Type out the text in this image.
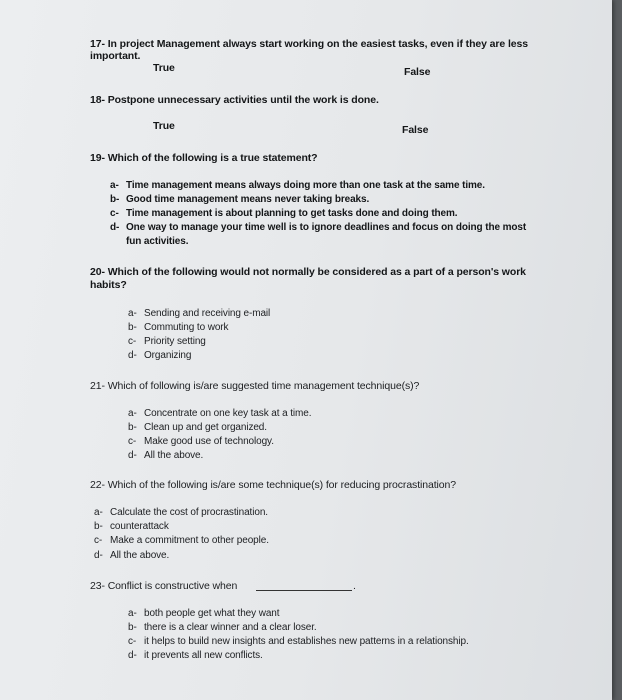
17- In project Management always start working on the easiest tasks, even if they are less
important.
True	False
18- Postpone unnecessary activities until the work is done.
True	False
19- Which of the following is a true statement?
a- Time management means always doing more than one task at the same time.
b- Good time management means never taking breaks.
c- Time management is about planning to get tasks done and doing them.
d- One way to manage your time well is to ignore deadlines and focus on doing the most
fun activities.
20- Which of the following would not normally be considered as a part of a person's work
habits?
a- Sending and receiving e-mail
b- Commuting to work
c- Priority setting
d- Organizing
21- Which of following is/are suggested time management technique(s)?
a- Concentrate on one key task at a time.
b- Clean up and get organized.
c- Make good use of technology.
d- All the above.
22- Which of the following is/are some technique(s) for reducing procrastination?
a- Calculate the cost of procrastination.
b- counterattack
c- Make a commitment to other people.
d- All the above.
23- Conflict is constructive when	.
a- both people get what they want
b- there is a clear winner and a clear loser.
c- it helps to build new insights and establishes new patterns in a relationship.
d- it prevents all new conflicts.
